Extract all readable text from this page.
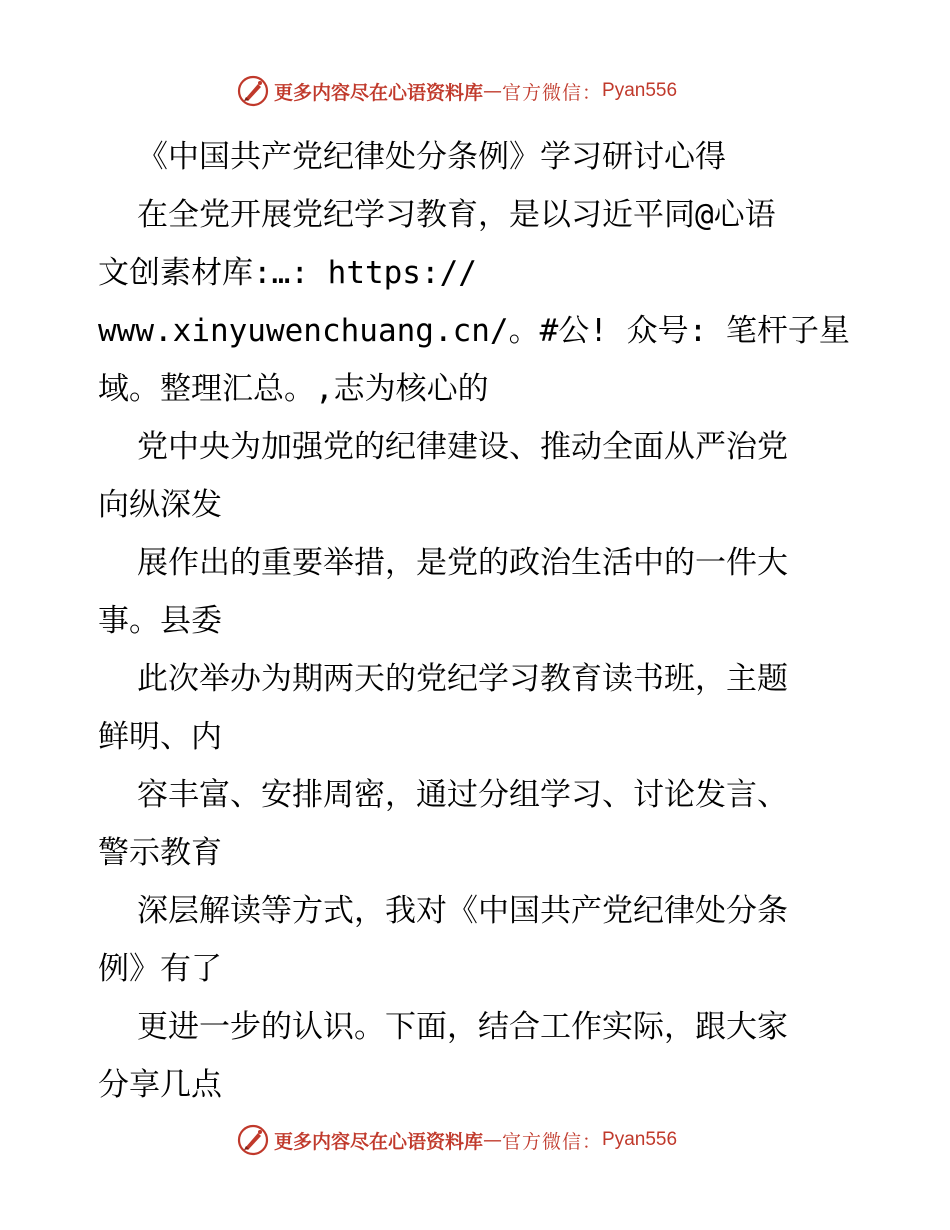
更多内容尽在心语资料库 — 官方微信： Pyan556
《中国共产党纪律处分条例》学习研讨心得
在全党开展党纪学习教育，是以习近平同@心语
文创素材库:…: https://
www.xinyuwenchuang.cn/。#公! 众号: 笔杆子星
域。整理汇总。,志为核心的
党中央为加强党的纪律建设、推动全面从严治党
向纵深发
展作出的重要举措，是党的政治生活中的一件大
事。县委
此次举办为期两天的党纪学习教育读书班，主题
鲜明、内
容丰富、安排周密，通过分组学习、讨论发言、
警示教育
深层解读等方式，我对《中国共产党纪律处分条
例》有了
更进一步的认识。下面，结合工作实际，跟大家
分享几点
更多内容尽在心语资料库 — 官方微信： Pyan556
